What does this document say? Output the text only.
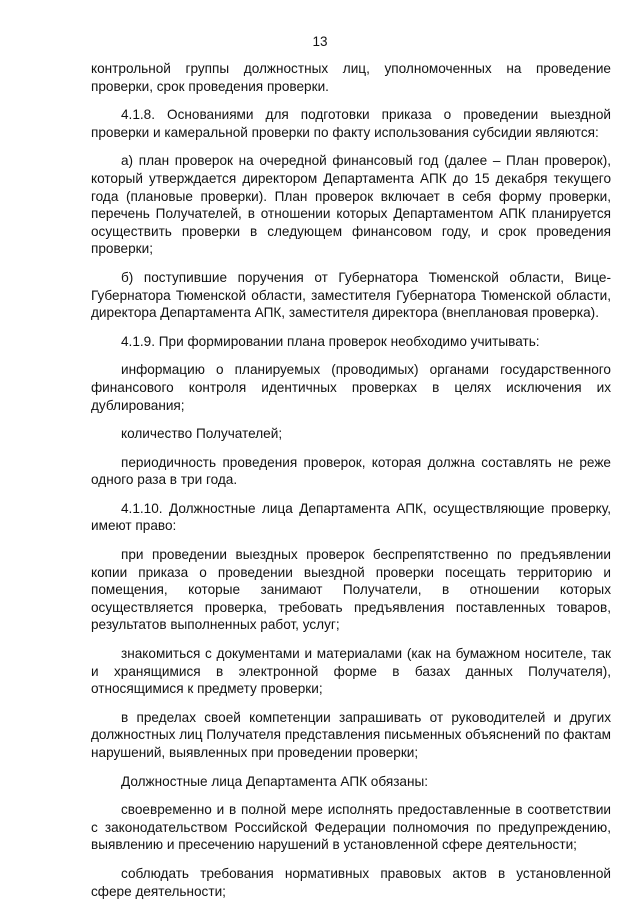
13

контрольной группы должностных лиц, уполномоченных на проведение проверки, срок проведения проверки.

4.1.8. Основаниями для подготовки приказа о проведении выездной проверки и камеральной проверки по факту использования субсидии являются:

а) план проверок на очередной финансовый год (далее – План проверок), который утверждается директором Департамента АПК до 15 декабря текущего года (плановые проверки). План проверок включает в себя форму проверки, перечень Получателей, в отношении которых Департаментом АПК планируется осуществить проверки в следующем финансовом году, и срок проведения проверки;

б) поступившие поручения от Губернатора Тюменской области, Вице-Губернатора Тюменской области, заместителя Губернатора Тюменской области, директора Департамента АПК, заместителя директора (внеплановая проверка).

4.1.9. При формировании плана проверок необходимо учитывать:

информацию о планируемых (проводимых) органами государственного финансового контроля идентичных проверках в целях исключения их дублирования;

количество Получателей;

периодичность проведения проверок, которая должна составлять не реже одного раза в три года.

4.1.10. Должностные лица Департамента АПК, осуществляющие проверку, имеют право:

при проведении выездных проверок беспрепятственно по предъявлении копии приказа о проведении выездной проверки посещать территорию и помещения, которые занимают Получатели, в отношении которых осуществляется проверка, требовать предъявления поставленных товаров, результатов выполненных работ, услуг;

знакомиться с документами и материалами (как на бумажном носителе, так и хранящимися в электронной форме в базах данных Получателя), относящимися к предмету проверки;

в пределах своей компетенции запрашивать от руководителей и других должностных лиц Получателя представления письменных объяснений по фактам нарушений, выявленных при проведении проверки;

Должностные лица Департамента АПК обязаны:

своевременно и в полной мере исполнять предоставленные в соответствии с законодательством Российской Федерации полномочия по предупреждению, выявлению и пресечению нарушений в установленной сфере деятельности;

соблюдать требования нормативных правовых актов в установленной сфере деятельности;
